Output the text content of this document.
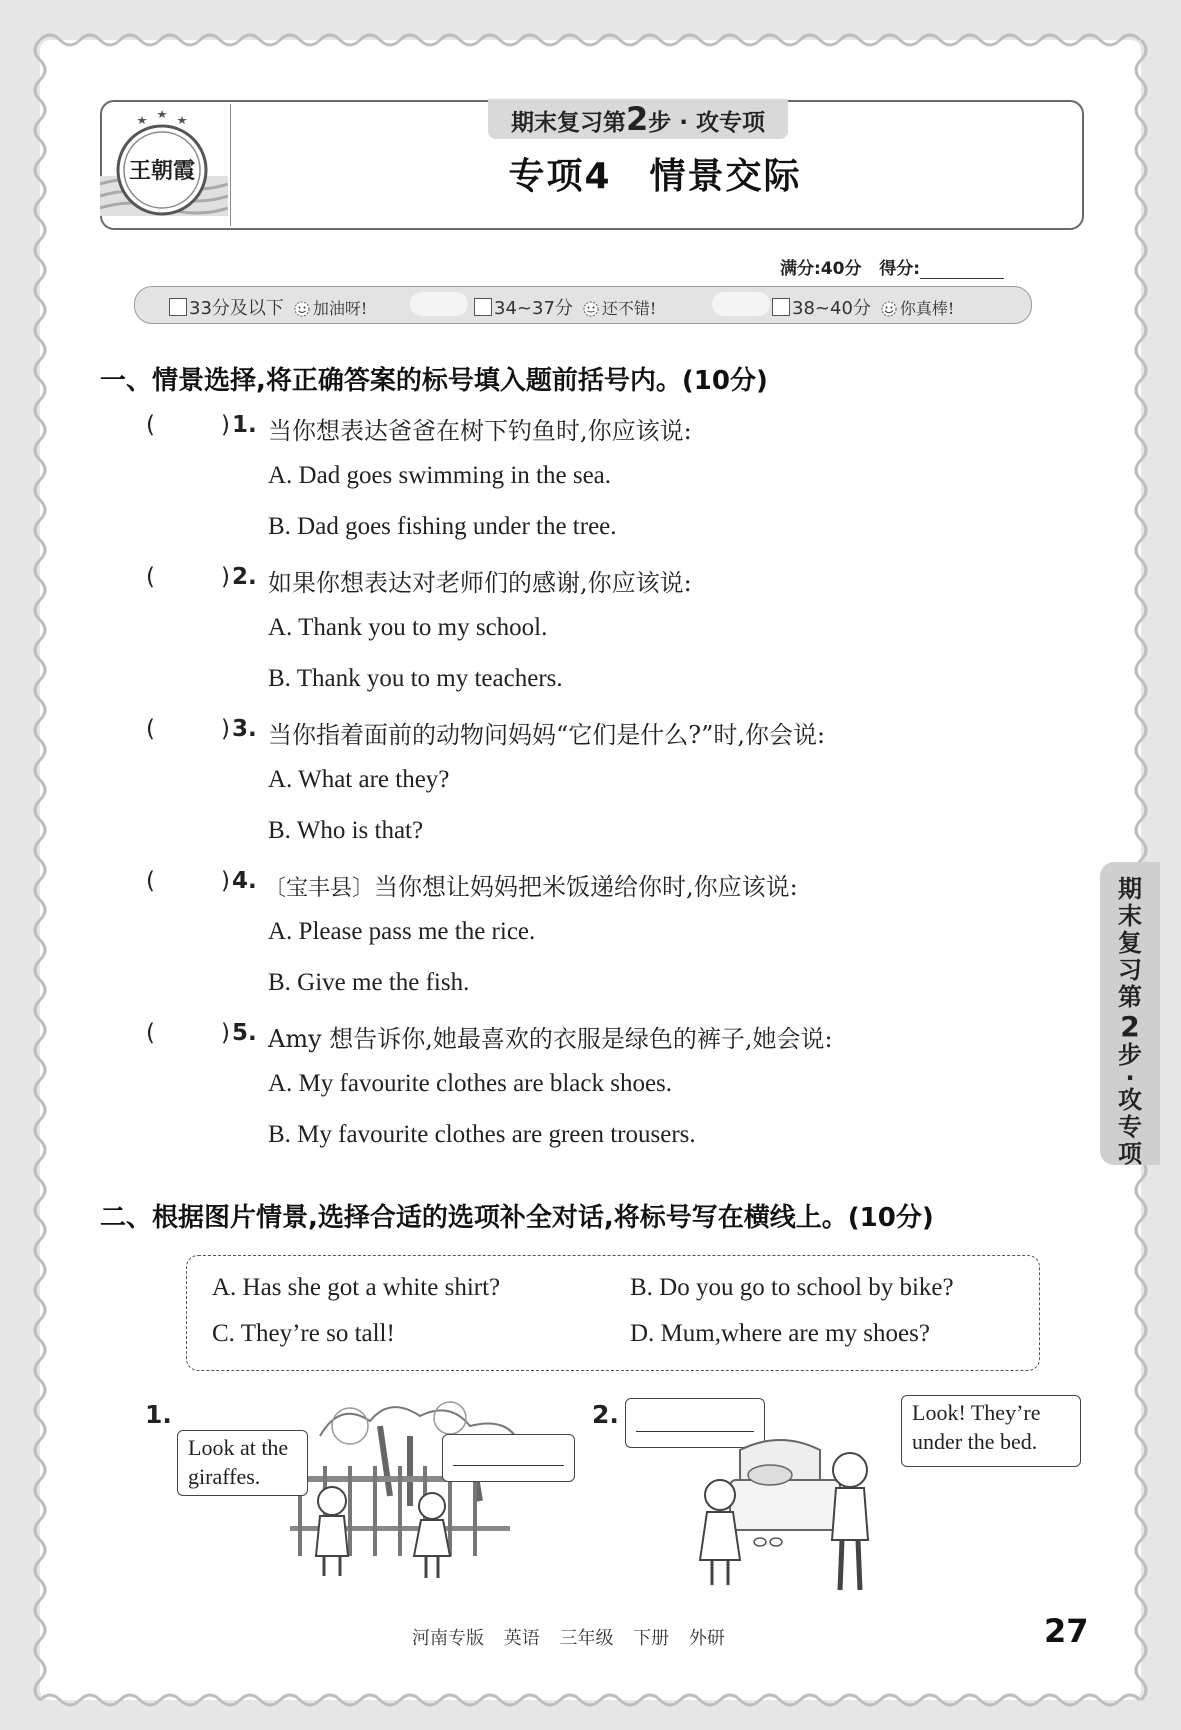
王朝霞
期末复习第2步 · 攻专项
专项4　情景交际
满分:40分 得分:
33分及以下 加油呀!	34~37分 还不错!	38~40分 你真棒!
一、情景选择,将正确答案的标号填入题前括号内。(10分)
(	) 1. 当你想表达爸爸在树下钓鱼时,你应该说:
A. Dad goes swimming in the sea.
B. Dad goes fishing under the tree.
(	) 2. 如果你想表达对老师们的感谢,你应该说:
A. Thank you to my school.
B. Thank you to my teachers.
(	) 3. 当你指着面前的动物问妈妈“它们是什么?”时,你会说:
A. What are they?
B. Who is that?
(	) 4. 〔宝丰县〕当你想让妈妈把米饭递给你时,你应该说:
A. Please pass me the rice.
B. Give me the fish.
(	) 5. Amy 想告诉你,她最喜欢的衣服是绿色的裤子,她会说:
A. My favourite clothes are black shoes.
B. My favourite clothes are green trousers.
二、根据图片情景,选择合适的选项补全对话,将标号写在横线上。(10分)
A. Has she got a white shirt?	B. Do you go to school by bike?
C. They’re so tall!	D. Mum,where are my shoes?
1.
Look at the
giraffes.
2.	Look! They’re
under the bed.
期
末
复
习
第
2
步
·
攻
专
项
河南专版 英语 三年级 下册 外研	27
